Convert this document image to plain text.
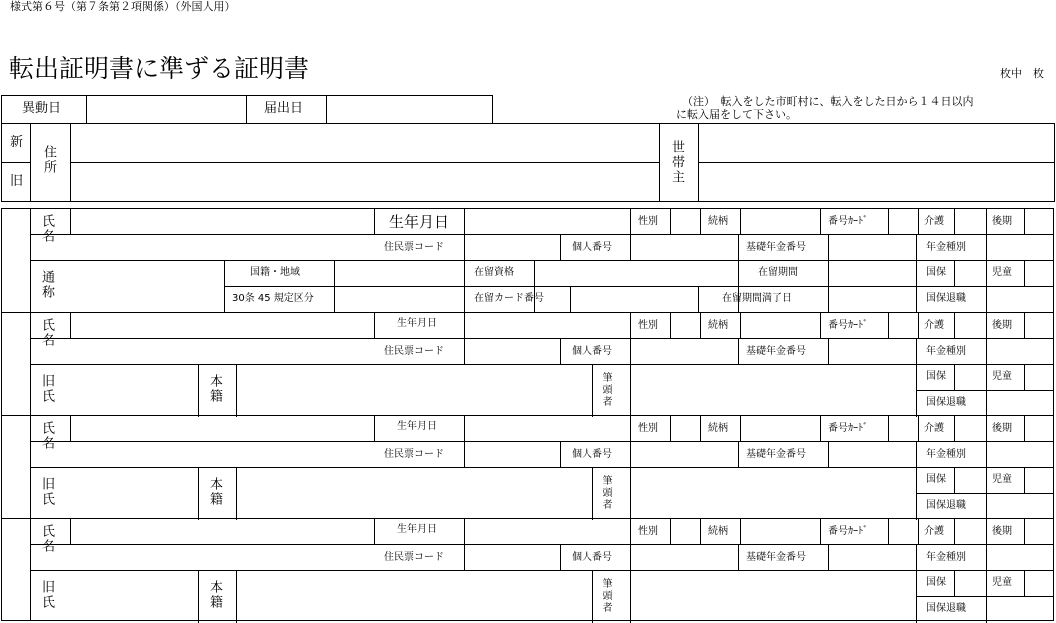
様式第６号（第７条第２項関係）（外国人用）
転出証明書に準ずる証明書	枚中　枚
異動日	届出日	（注）　転入をした市町村に、転入をした日から１４日以内
に転入届をして下さい。
新
旧
住所	世帯主
氏名	生年月日	性別	続柄	番号ｶｰﾄﾞ	介護	後期
住民票コード	個人番号	基礎年金番号	年金種別
通称	国籍・地域	在留資格	在留期間	国保	児童
30条 45 規定区分	在留カード番号	在留期間満了日	国保退職
氏名	生年月日	性別	続柄	番号ｶｰﾄﾞ	介護	後期
住民票コード	個人番号	基礎年金番号	年金種別
旧氏	本籍	筆頭者	国保	児童
国保退職
氏名	生年月日	性別	続柄	番号ｶｰﾄﾞ	介護	後期
住民票コード	個人番号	基礎年金番号	年金種別
旧氏	本籍	筆頭者	国保	児童
国保退職
氏名	生年月日	性別	続柄	番号ｶｰﾄﾞ	介護	後期
住民票コード	個人番号	基礎年金番号	年金種別
旧氏	本籍	筆頭者	国保	児童
国保退職
